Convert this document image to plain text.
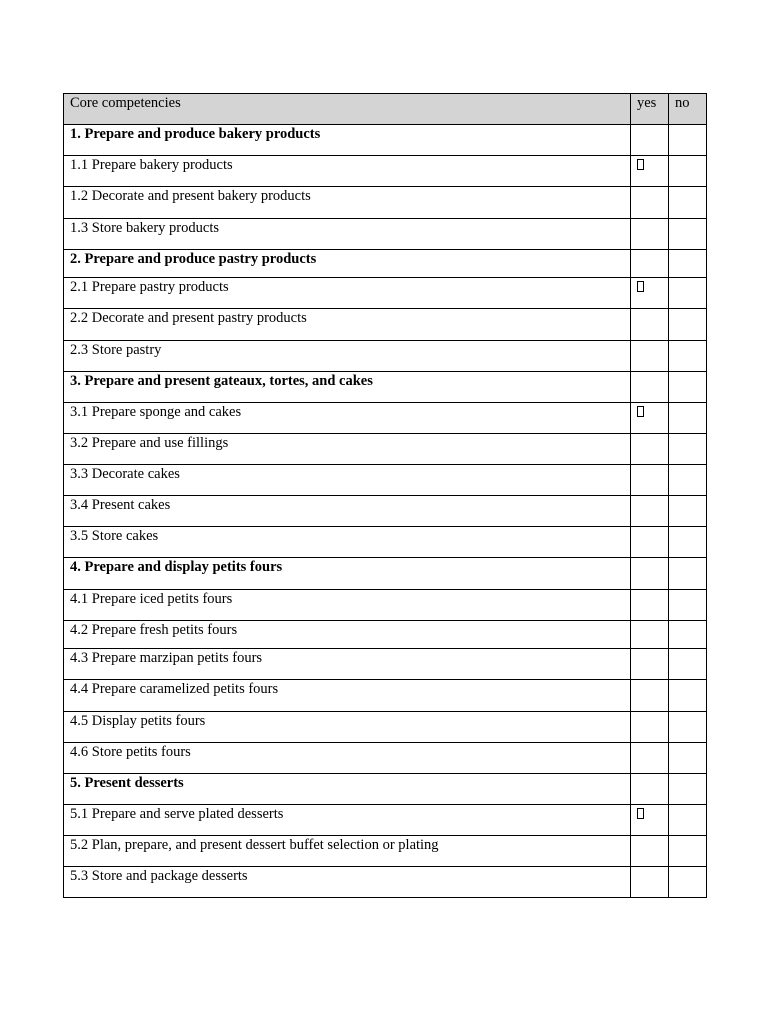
Core competencies	yes	no
1. Prepare and produce bakery products		
1.1 Prepare bakery products		
1.2 Decorate and present bakery products		
1.3 Store bakery products		
2. Prepare and produce pastry products		
2.1 Prepare pastry products		
2.2 Decorate and present pastry products		
2.3 Store pastry		
3. Prepare and present gateaux, tortes, and cakes		
3.1 Prepare sponge and cakes		
3.2 Prepare and use fillings		
3.3 Decorate cakes		
3.4 Present cakes		
3.5 Store cakes		
4. Prepare and display petits fours		
4.1 Prepare iced petits fours		
4.2 Prepare fresh petits fours		
4.3 Prepare marzipan petits fours		
4.4 Prepare caramelized petits fours		
4.5 Display petits fours		
4.6 Store petits fours		
5. Present desserts		
5.1 Prepare and serve plated desserts		
5.2 Plan, prepare, and present dessert buffet selection or plating		
5.3 Store and package desserts		
